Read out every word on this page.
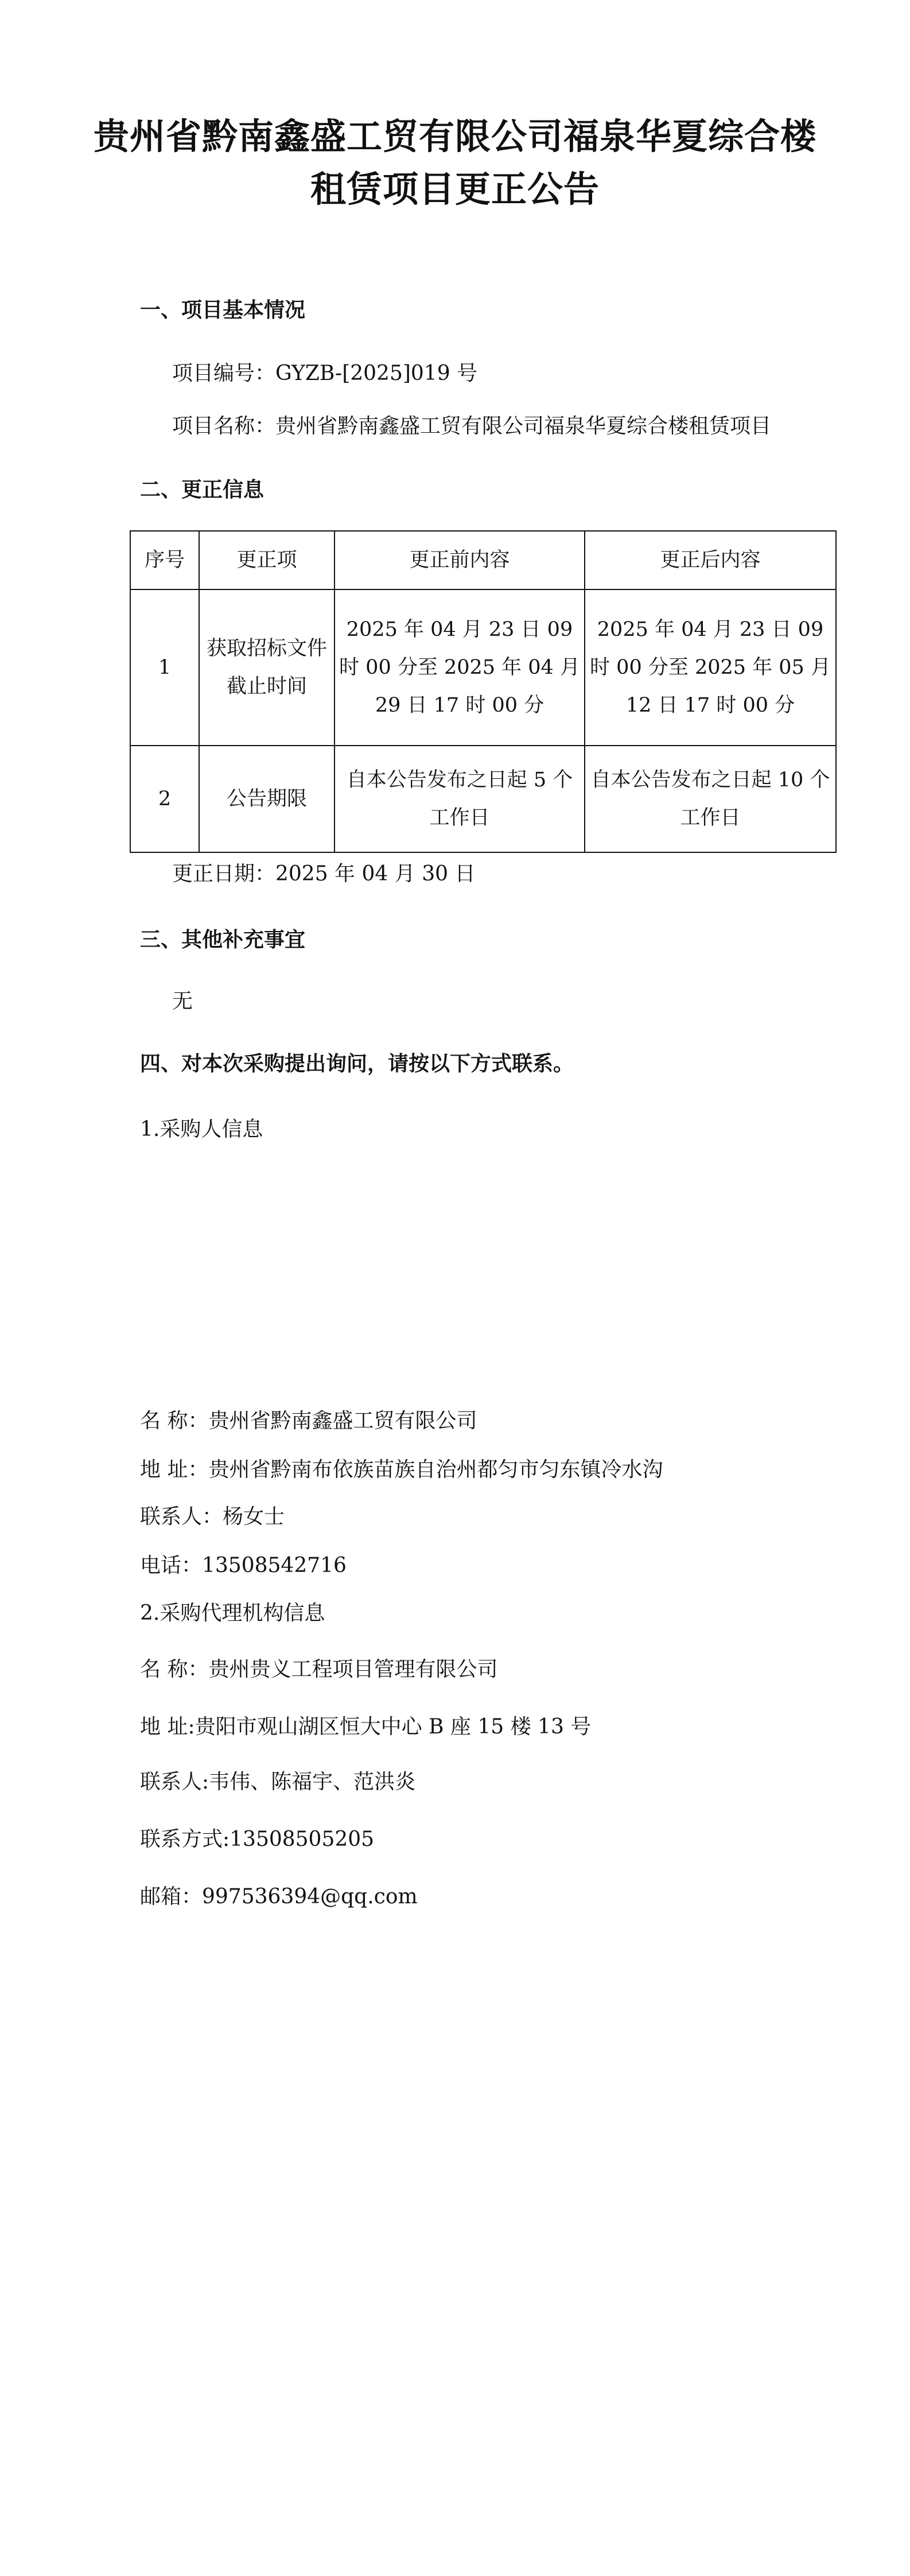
贵州省黔南鑫盛工贸有限公司福泉华夏综合楼
租赁项目更正公告
一、项目基本情况
项目编号：GYZB-[2025]019 号
项目名称：贵州省黔南鑫盛工贸有限公司福泉华夏综合楼租赁项目
二、更正信息
序号	更正项	更正前内容	更正后内容
1	获取招标文件截止时间	2025 年 04 月 23 日 09 时 00 分至 2025 年 04 月 29 日 17 时 00 分	2025 年 04 月 23 日 09 时 00 分至 2025 年 05 月 12 日 17 时 00 分
2	公告期限	自本公告发布之日起 5 个工作日	自本公告发布之日起 10 个工作日
更正日期：2025 年 04 月 30 日
三、其他补充事宜
无
四、对本次采购提出询问，请按以下方式联系。
1.采购人信息
名 称：贵州省黔南鑫盛工贸有限公司
地 址：贵州省黔南布依族苗族自治州都匀市匀东镇冷水沟
联系人：杨女士
电话：13508542716
2.采购代理机构信息
名 称：贵州贵义工程项目管理有限公司
地 址:贵阳市观山湖区恒大中心 B 座 15 楼 13 号
联系人:韦伟、陈福宇、范洪炎
联系方式:13508505205
邮箱：997536394@qq.com
